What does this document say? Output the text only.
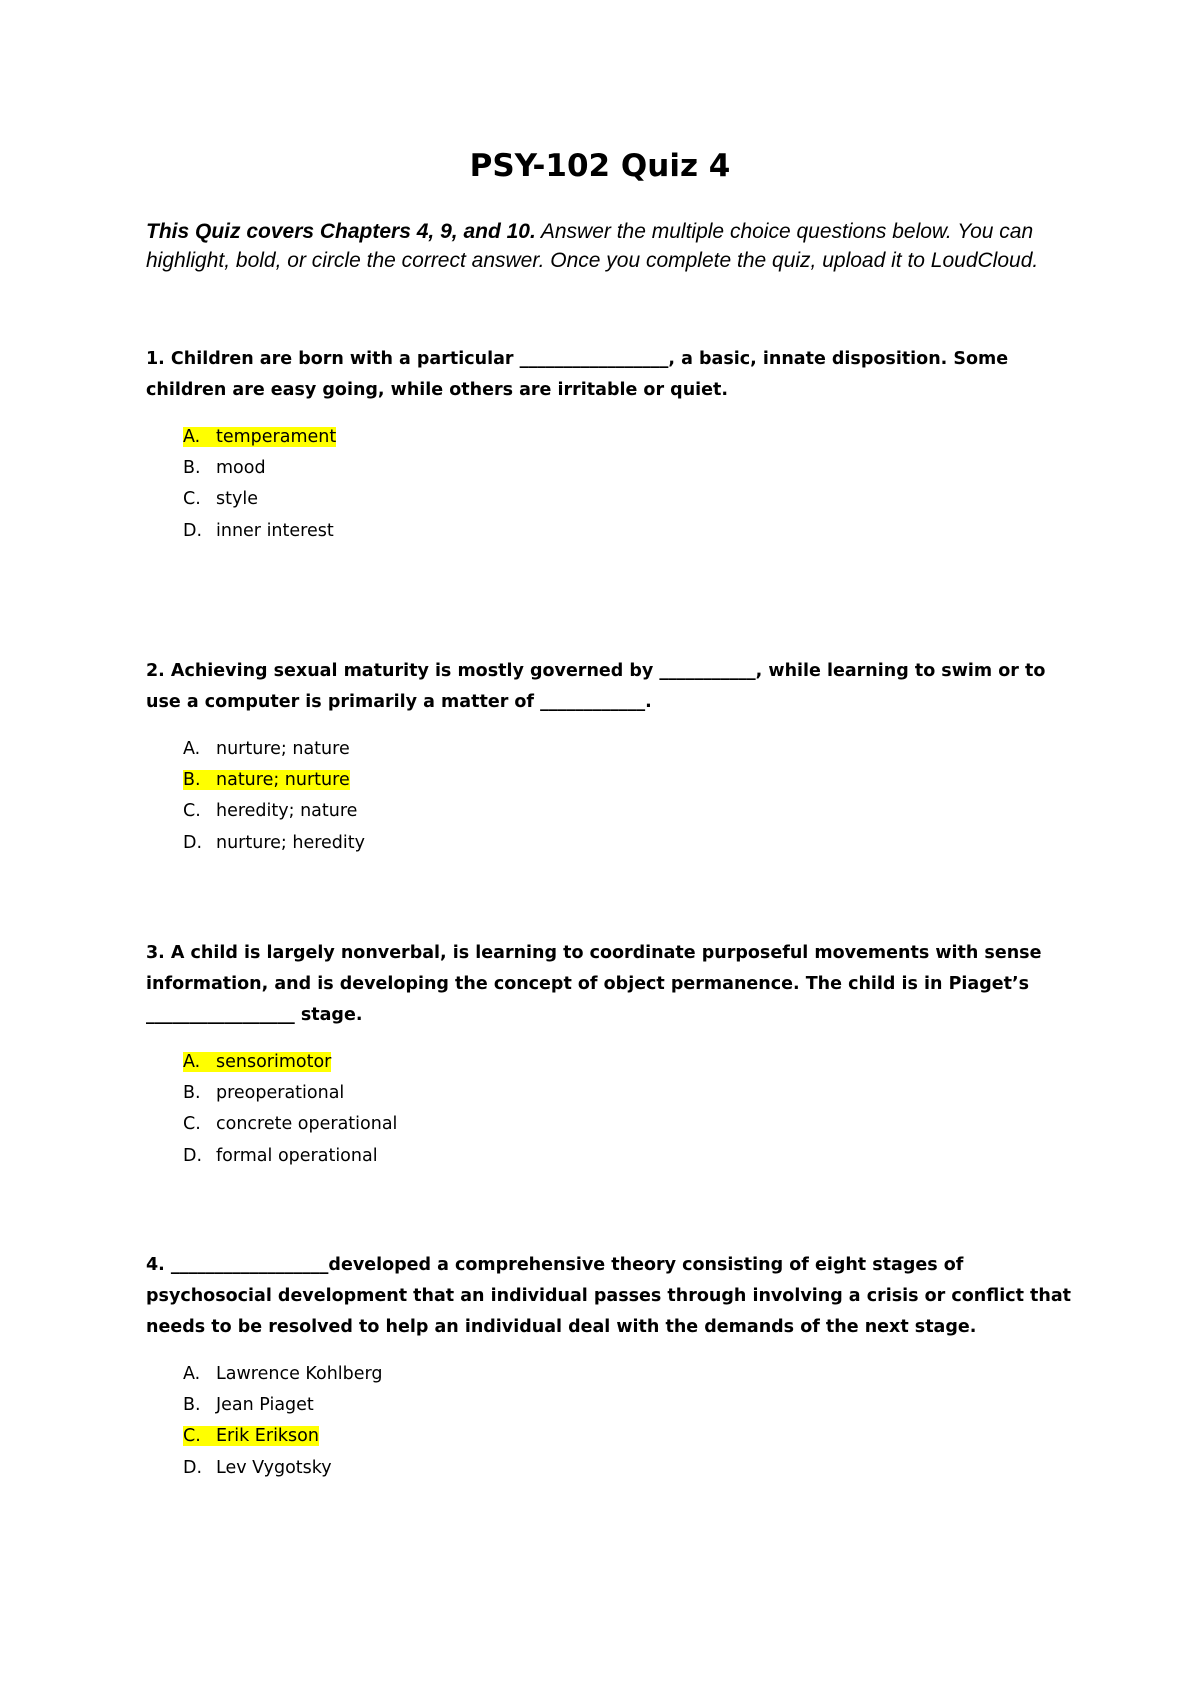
PSY-102 Quiz 4
This Quiz covers Chapters 4, 9, and 10. Answer the multiple choice questions below. You can highlight, bold, or circle the correct answer. Once you complete the quiz, upload it to LoudCloud.

1. Children are born with a particular _________________, a basic, innate disposition. Some children are easy going, while others are irritable or quiet.

A. temperament
B. mood
C. style
D. inner interest

2. Achieving sexual maturity is mostly governed by ___________, while learning to swim or to use a computer is primarily a matter of ____________.

A. nurture; nature
B. nature; nurture
C. heredity; nature
D. nurture; heredity

3. A child is largely nonverbal, is learning to coordinate purposeful movements with sense information, and is developing the concept of object permanence. The child is in Piaget’s _________________ stage.

A. sensorimotor
B. preoperational
C. concrete operational
D. formal operational

4. __________________developed a comprehensive theory consisting of eight stages of psychosocial development that an individual passes through involving a crisis or conflict that needs to be resolved to help an individual deal with the demands of the next stage.

A. Lawrence Kohlberg
B. Jean Piaget
C. Erik Erikson
D. Lev Vygotsky
